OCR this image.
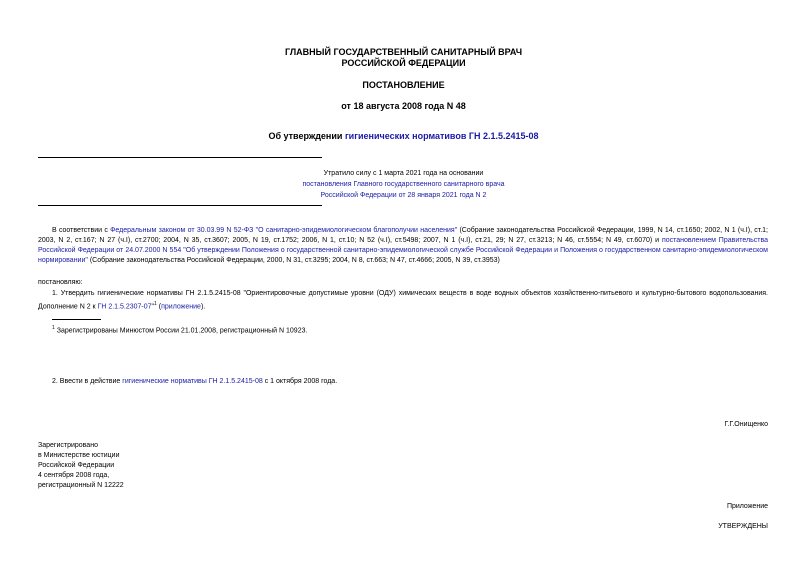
ГЛАВНЫЙ ГОСУДАРСТВЕННЫЙ САНИТАРНЫЙ ВРАЧ
РОССИЙСКОЙ ФЕДЕРАЦИИ
ПОСТАНОВЛЕНИЕ
от 18 августа 2008 года N 48
Об утверждении гигиенических нормативов ГН 2.1.5.2415-08
Утратило силу с 1 марта 2021 года на основании
постановления Главного государственного санитарного врача
Российской Федерации от 28 января 2021 года N 2
В соответствии с Федеральным законом от 30.03.99 N 52-ФЗ "О санитарно-эпидемиологическом благополучии населения" (Собрание законодательства Российской Федерации, 1999, N 14, ст.1650; 2002, N 1 (ч.I), ст.1; 2003, N 2, ст.167; N 27 (ч.I), ст.2700; 2004, N 35, ст.3607; 2005, N 19, ст.1752; 2006, N 1, ст.10; N 52 (ч.I), ст.5498; 2007, N 1 (ч.I), ст.21, 29; N 27, ст.3213; N 46, ст.5554; N 49, ст.6070) и постановлением Правительства Российской Федерации от 24.07.2000 N 554 "Об утверждении Положения о государственной санитарно-эпидемиологической службе Российской Федерации и Положения о государственном санитарно-эпидемиологическом нормировании" (Собрание законодательства Российской Федерации, 2000, N 31, ст.3295; 2004, N 8, ст.663; N 47, ст.4666; 2005, N 39, ст.3953)
постановляю:
1. Утвердить гигиенические нормативы ГН 2.1.5.2415-08 "Ориентировочные допустимые уровни (ОДУ) химических веществ в воде водных объектов хозяйственно-питьевого и культурно-бытового водопользования. Дополнение N 2 к ГН 2.1.5.2307-07"$^1$ (приложение).
$^1$ Зарегистрированы Минюстом России 21.01.2008, регистрационный N 10923.
2. Ввести в действие гигиенические нормативы ГН 2.1.5.2415-08 с 1 октября 2008 года.
Г.Г.Онищенко
Зарегистрировано
в Министерстве юстиции
Российской Федерации
4 сентября 2008 года,
регистрационный N 12222
Приложение
УТВЕРЖДЕНЫ
